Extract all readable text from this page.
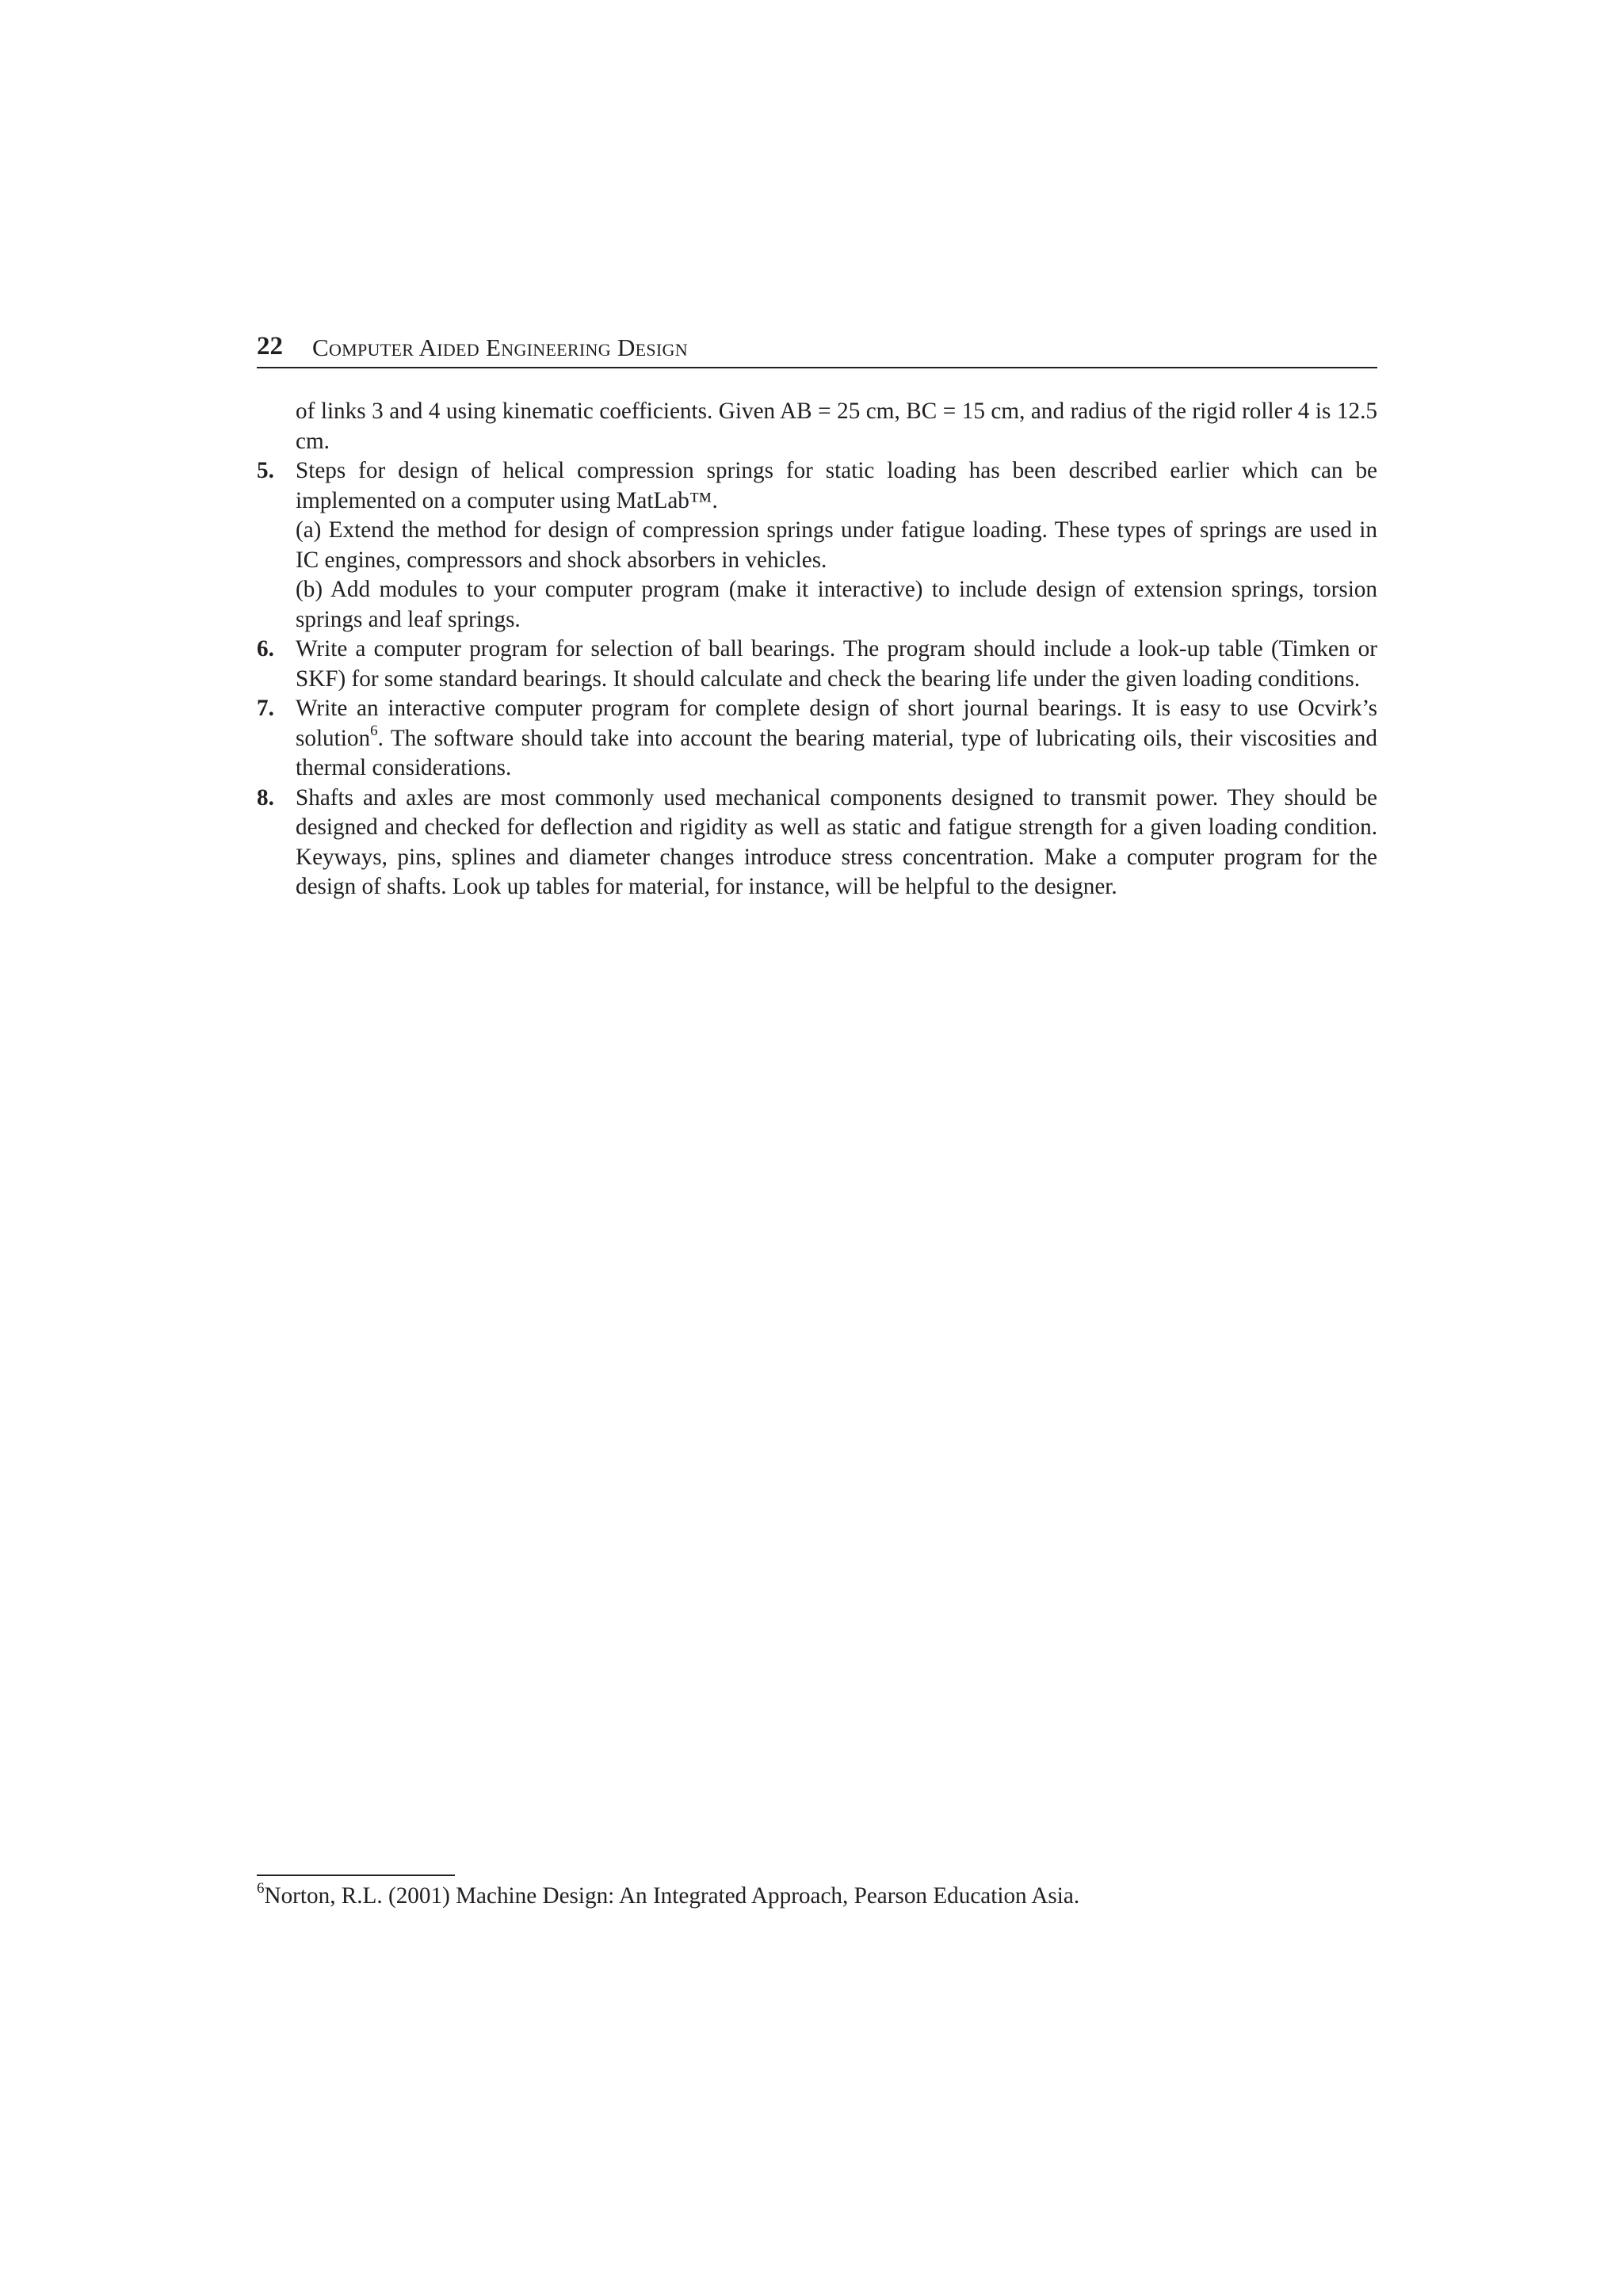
22 Computer Aided Engineering Design

of links 3 and 4 using kinematic coefficients. Given AB = 25 cm, BC = 15 cm, and radius of the rigid roller 4 is 12.5 cm.

5. Steps for design of helical compression springs for static loading has been described earlier which can be implemented on a computer using MatLab™.

(a) Extend the method for design of compression springs under fatigue loading. These types of springs are used in IC engines, compressors and shock absorbers in vehicles.

(b) Add modules to your computer program (make it interactive) to include design of extension springs, torsion springs and leaf springs.

6. Write a computer program for selection of ball bearings. The program should include a look-up table (Timken or SKF) for some standard bearings. It should calculate and check the bearing life under the given loading conditions.

7. Write an interactive computer program for complete design of short journal bearings. It is easy to use Ocvirk’s solution$^6$. The software should take into account the bearing material, type of lubricating oils, their viscosities and thermal considerations.

8. Shafts and axles are most commonly used mechanical components designed to transmit power. They should be designed and checked for deflection and rigidity as well as static and fatigue strength for a given loading condition. Keyways, pins, splines and diameter changes introduce stress concentration. Make a computer program for the design of shafts. Look up tables for material, for instance, will be helpful to the designer.

$^6$Norton, R.L. (2001) Machine Design: An Integrated Approach, Pearson Education Asia.
